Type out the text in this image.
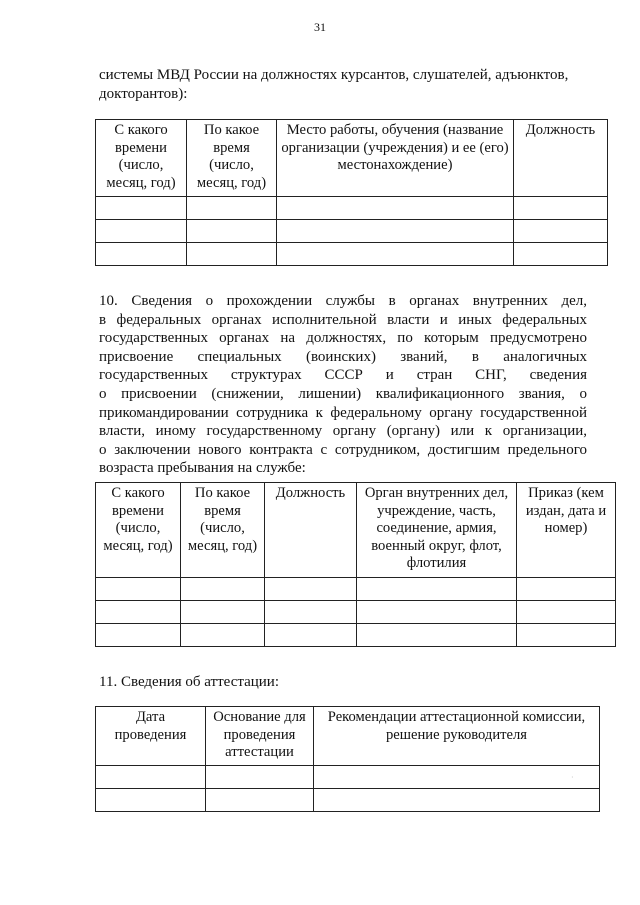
31
системы МВД России на должностях курсантов, слушателей, адъюнктов,
докторантов):
С какого времени (число, месяц, год)	По какое время (число, месяц, год)	Место работы, обучения (название организации (учреждения) и ее (его) местонахождение)	Должность

10. Сведения о прохождении службы в органах внутренних дел,
в федеральных органах исполнительной власти и иных федеральных
государственных органах на должностях, по которым предусмотрено
присвоение специальных (воинских) званий, в аналогичных
государственных структурах СССР и стран СНГ, сведения
о присвоении (снижении, лишении) квалификационного звания, о
прикомандировании сотрудника к федеральному органу государственной
власти, иному государственному органу (органу) или к организации,
о заключении нового контракта с сотрудником, достигшим предельного
возраста пребывания на службе:
С какого времени (число, месяц, год)	По какое время (число, месяц, год)	Должность	Орган внутренних дел, учреждение, часть, соединение, армия, военный округ, флот, флотилия	Приказ (кем издан, дата и номер)

11. Сведения об аттестации:
Дата проведения	Основание для проведения аттестации	Рекомендации аттестационной комиссии, решение руководителя

·
